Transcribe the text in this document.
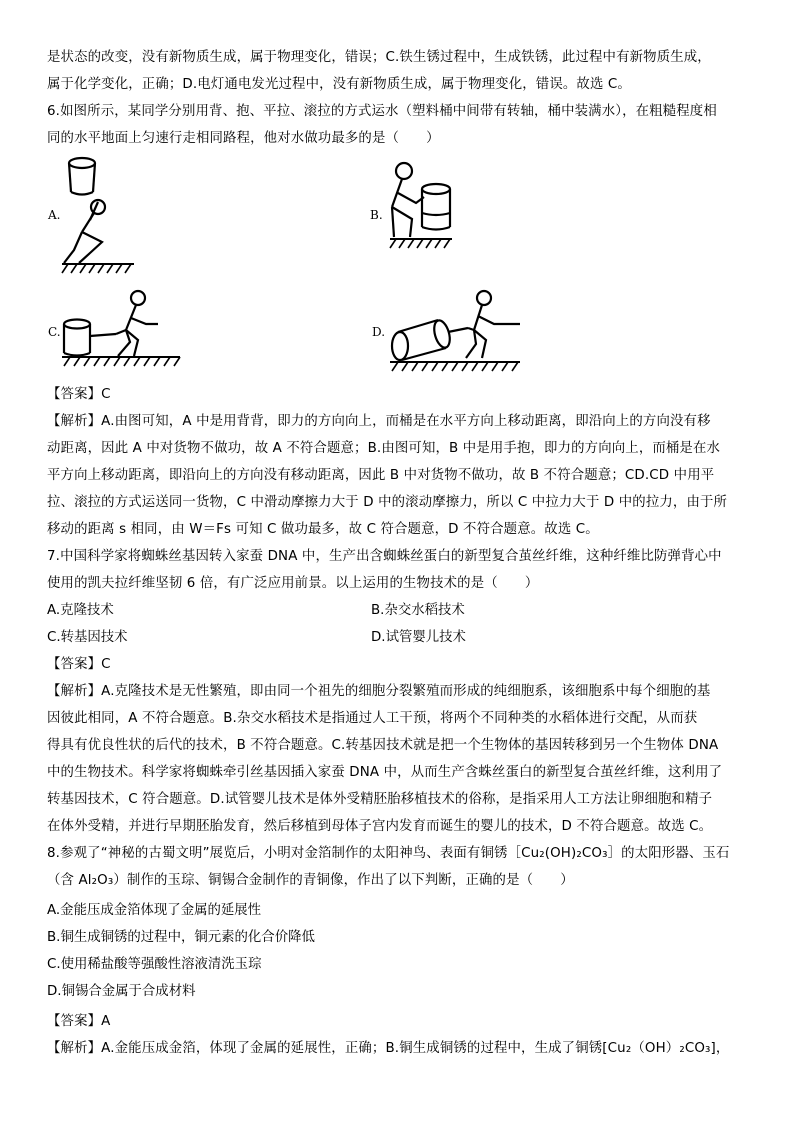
是状态的改变，没有新物质生成，属于物理变化，错误；C.铁生锈过程中，生成铁锈，此过程中有新物质生成，
属于化学变化，正确；D.电灯通电发光过程中，没有新物质生成，属于物理变化，错误。故选 C。
6.如图所示，某同学分别用背、抱、平拉、滚拉的方式运水（塑料桶中间带有转轴，桶中装满水），在粗糙程度相
同的水平地面上匀速行走相同路程，他对水做功最多的是（　　）
A.	B.
C.	D.
【答案】C
【解析】A.由图可知，A 中是用背背，即力的方向向上，而桶是在水平方向上移动距离，即沿向上的方向没有移
动距离，因此 A 中对货物不做功，故 A 不符合题意；B.由图可知，B 中是用手抱，即力的方向向上，而桶是在水
平方向上移动距离，即沿向上的方向没有移动距离，因此 B 中对货物不做功，故 B 不符合题意；CD.CD 中用平
拉、滚拉的方式运送同一货物，C 中滑动摩擦力大于 D 中的滚动摩擦力，所以 C 中拉力大于 D 中的拉力，由于所
移动的距离 s 相同，由 W＝Fs 可知 C 做功最多，故 C 符合题意，D 不符合题意。故选 C。
7.中国科学家将蜘蛛丝基因转入家蚕 DNA 中，生产出含蜘蛛丝蛋白的新型复合茧丝纤维，这种纤维比防弹背心中
使用的凯夫拉纤维坚韧 6 倍，有广泛应用前景。以上运用的生物技术的是（　　）
A.克隆技术	B.杂交水稻技术
C.转基因技术	D.试管婴儿技术
【答案】C
【解析】A.克隆技术是无性繁殖，即由同一个祖先的细胞分裂繁殖而形成的纯细胞系，该细胞系中每个细胞的基
因彼此相同，A 不符合题意。B.杂交水稻技术是指通过人工干预，将两个不同种类的水稻体进行交配，从而获
得具有优良性状的后代的技术，B 不符合题意。C.转基因技术就是把一个生物体的基因转移到另一个生物体 DNA
中的生物技术。科学家将蜘蛛牵引丝基因插入家蚕 DNA 中，从而生产含蛛丝蛋白的新型复合茧丝纤维，这利用了
转基因技术，C 符合题意。D.试管婴儿技术是体外受精胚胎移植技术的俗称，是指采用人工方法让卵细胞和精子
在体外受精，并进行早期胚胎发育，然后移植到母体子宫内发育而诞生的婴儿的技术，D 不符合题意。故选 C。
8.参观了“神秘的古蜀文明”展览后，小明对金箔制作的太阳神鸟、表面有铜锈［Cu₂(OH)₂CO₃］的太阳形器、玉石
（含 Al₂O₃）制作的玉琮、铜锡合金制作的青铜像，作出了以下判断，正确的是（　　）
A.金能压成金箔体现了金属的延展性
B.铜生成铜锈的过程中，铜元素的化合价降低
C.使用稀盐酸等强酸性溶液清洗玉琮
D.铜锡合金属于合成材料
【答案】A
【解析】A.金能压成金箔，体现了金属的延展性，正确；B.铜生成铜锈的过程中，生成了铜锈[Cu₂（OH）₂CO₃]，
